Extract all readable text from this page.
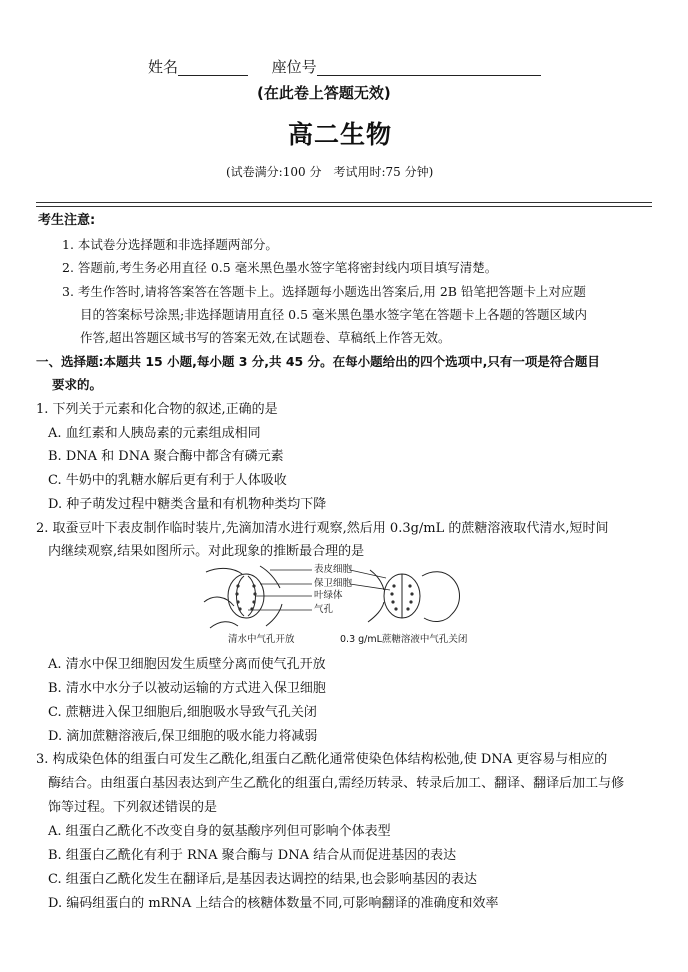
姓名	座位号
(在此卷上答题无效)
高二生物
(试卷满分:100 分　考试用时:75 分钟)
考生注意:
1. 本试卷分选择题和非选择题两部分。
2. 答题前,考生务必用直径 0.5 毫米黑色墨水签字笔将密封线内项目填写清楚。
3. 考生作答时,请将答案答在答题卡上。选择题每小题选出答案后,用 2B 铅笔把答题卡上对应题
目的答案标号涂黑;非选择题请用直径 0.5 毫米黑色墨水签字笔在答题卡上各题的答题区域内
作答,超出答题区域书写的答案无效,在试题卷、草稿纸上作答无效。
一、选择题:本题共 15 小题,每小题 3 分,共 45 分。在每小题给出的四个选项中,只有一项是符合题目
要求的。
1. 下列关于元素和化合物的叙述,正确的是
A. 血红素和人胰岛素的元素组成相同
B. DNA 和 DNA 聚合酶中都含有磷元素
C. 牛奶中的乳糖水解后更有利于人体吸收
D. 种子萌发过程中糖类含量和有机物种类均下降
2. 取蚕豆叶下表皮制作临时装片,先滴加清水进行观察,然后用 0.3g/mL 的蔗糖溶液取代清水,短时间
内继续观察,结果如图所示。对此现象的推断最合理的是
表皮细胞
保卫细胞
叶绿体
气孔
清水中气孔开放	0.3 g/mL蔗糖溶液中气孔关闭
A. 清水中保卫细胞因发生质壁分离而使气孔开放
B. 清水中水分子以被动运输的方式进入保卫细胞
C. 蔗糖进入保卫细胞后,细胞吸水导致气孔关闭
D. 滴加蔗糖溶液后,保卫细胞的吸水能力将减弱
3. 构成染色体的组蛋白可发生乙酰化,组蛋白乙酰化通常使染色体结构松弛,使 DNA 更容易与相应的
酶结合。由组蛋白基因表达到产生乙酰化的组蛋白,需经历转录、转录后加工、翻译、翻译后加工与修
饰等过程。下列叙述错误的是
A. 组蛋白乙酰化不改变自身的氨基酸序列但可影响个体表型
B. 组蛋白乙酰化有利于 RNA 聚合酶与 DNA 结合从而促进基因的表达
C. 组蛋白乙酰化发生在翻译后,是基因表达调控的结果,也会影响基因的表达
D. 编码组蛋白的 mRNA 上结合的核糖体数量不同,可影响翻译的准确度和效率
